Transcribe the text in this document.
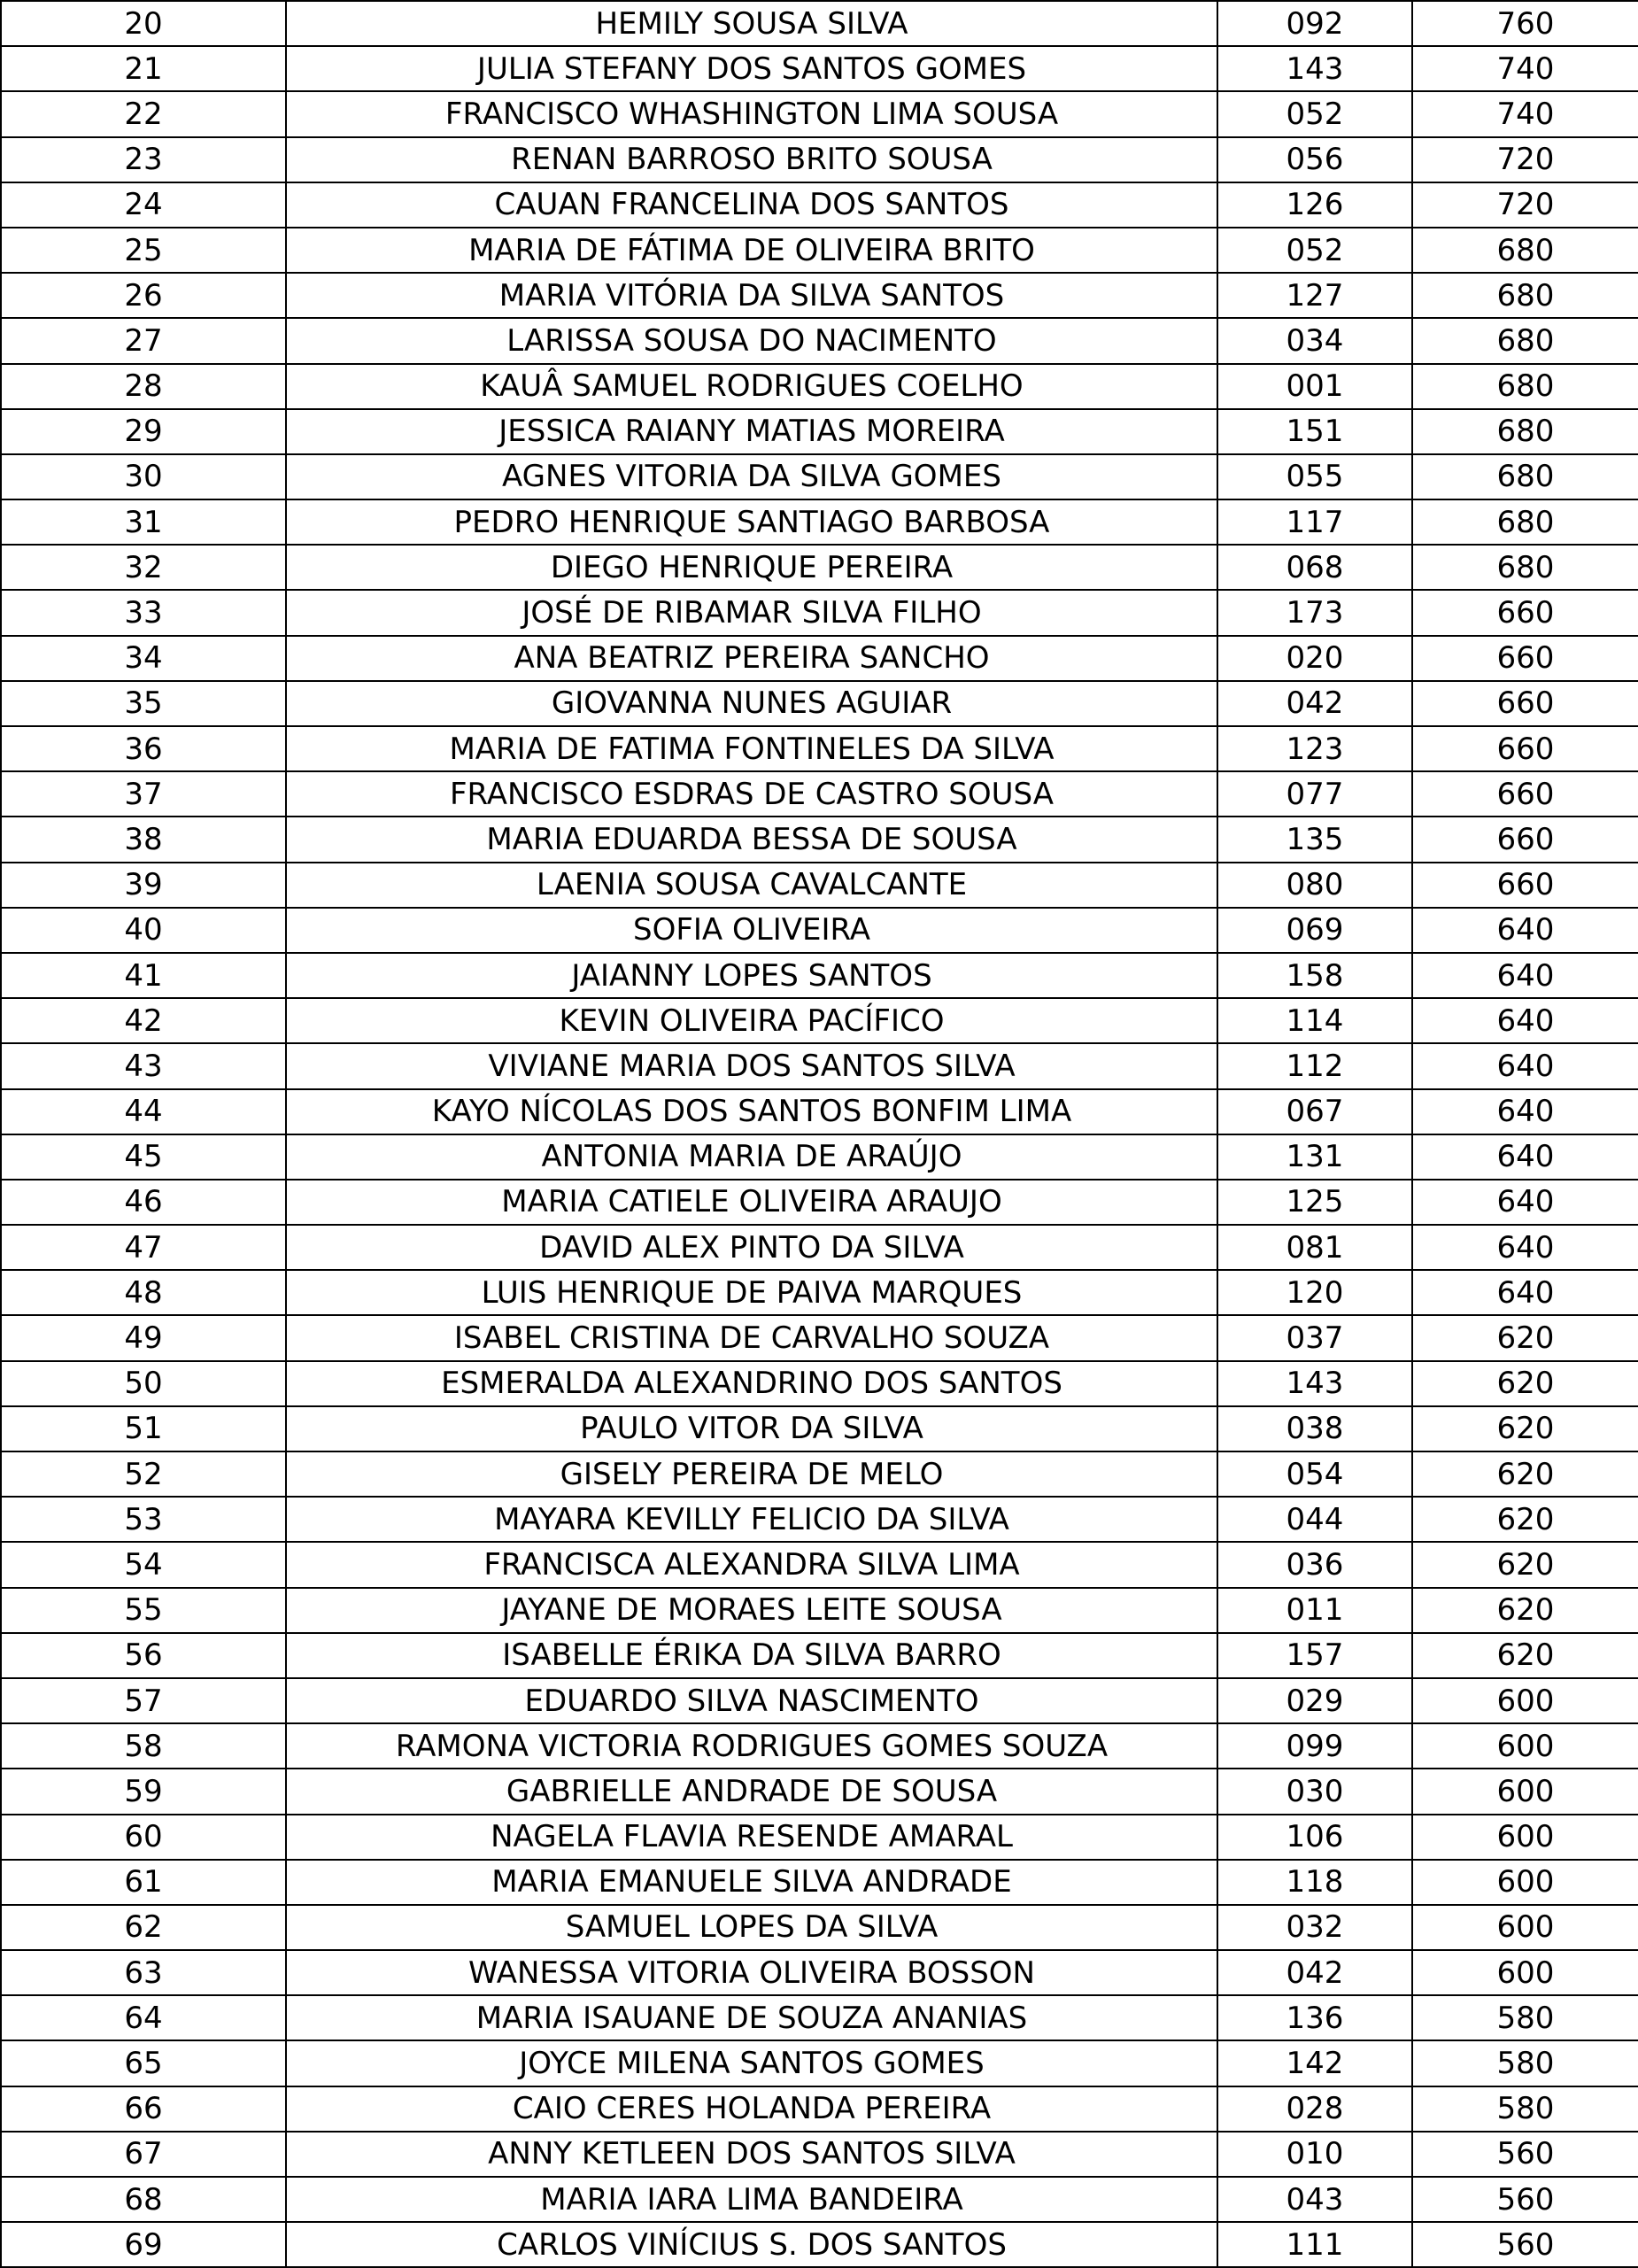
20	HEMILY SOUSA SILVA	092	760
21	JULIA STEFANY DOS SANTOS GOMES	143	740
22	FRANCISCO WHASHINGTON LIMA SOUSA	052	740
23	RENAN BARROSO BRITO SOUSA	056	720
24	CAUAN FRANCELINA DOS SANTOS	126	720
25	MARIA DE FÁTIMA DE OLIVEIRA BRITO	052	680
26	MARIA VITÓRIA DA SILVA SANTOS	127	680
27	LARISSA SOUSA DO NACIMENTO	034	680
28	KAUÂ SAMUEL RODRIGUES COELHO	001	680
29	JESSICA RAIANY MATIAS MOREIRA	151	680
30	AGNES VITORIA DA SILVA GOMES	055	680
31	PEDRO HENRIQUE SANTIAGO BARBOSA	117	680
32	DIEGO HENRIQUE PEREIRA	068	680
33	JOSÉ DE RIBAMAR SILVA FILHO	173	660
34	ANA BEATRIZ PEREIRA SANCHO	020	660
35	GIOVANNA NUNES AGUIAR	042	660
36	MARIA DE FATIMA FONTINELES DA SILVA	123	660
37	FRANCISCO ESDRAS DE CASTRO SOUSA	077	660
38	MARIA EDUARDA BESSA DE SOUSA	135	660
39	LAENIA SOUSA CAVALCANTE	080	660
40	SOFIA OLIVEIRA	069	640
41	JAIANNY LOPES SANTOS	158	640
42	KEVIN OLIVEIRA PACÍFICO	114	640
43	VIVIANE MARIA DOS SANTOS SILVA	112	640
44	KAYO NÍCOLAS DOS SANTOS BONFIM LIMA	067	640
45	ANTONIA MARIA DE ARAÚJO	131	640
46	MARIA CATIELE OLIVEIRA ARAUJO	125	640
47	DAVID ALEX PINTO DA SILVA	081	640
48	LUIS HENRIQUE DE PAIVA MARQUES	120	640
49	ISABEL CRISTINA DE CARVALHO SOUZA	037	620
50	ESMERALDA ALEXANDRINO DOS SANTOS	143	620
51	PAULO VITOR DA SILVA	038	620
52	GISELY PEREIRA DE MELO	054	620
53	MAYARA KEVILLY FELICIO DA SILVA	044	620
54	FRANCISCA ALEXANDRA SILVA LIMA	036	620
55	JAYANE DE MORAES LEITE SOUSA	011	620
56	ISABELLE ÉRIKA DA SILVA BARRO	157	620
57	EDUARDO SILVA NASCIMENTO	029	600
58	RAMONA VICTORIA RODRIGUES GOMES SOUZA	099	600
59	GABRIELLE ANDRADE DE SOUSA	030	600
60	NAGELA FLAVIA RESENDE AMARAL	106	600
61	MARIA EMANUELE SILVA ANDRADE	118	600
62	SAMUEL LOPES DA SILVA	032	600
63	WANESSA VITORIA OLIVEIRA BOSSON	042	600
64	MARIA ISAUANE DE SOUZA ANANIAS	136	580
65	JOYCE MILENA SANTOS GOMES	142	580
66	CAIO CERES HOLANDA PEREIRA	028	580
67	ANNY KETLEEN DOS SANTOS SILVA	010	560
68	MARIA IARA LIMA BANDEIRA	043	560
69	CARLOS VINÍCIUS S. DOS SANTOS	111	560
